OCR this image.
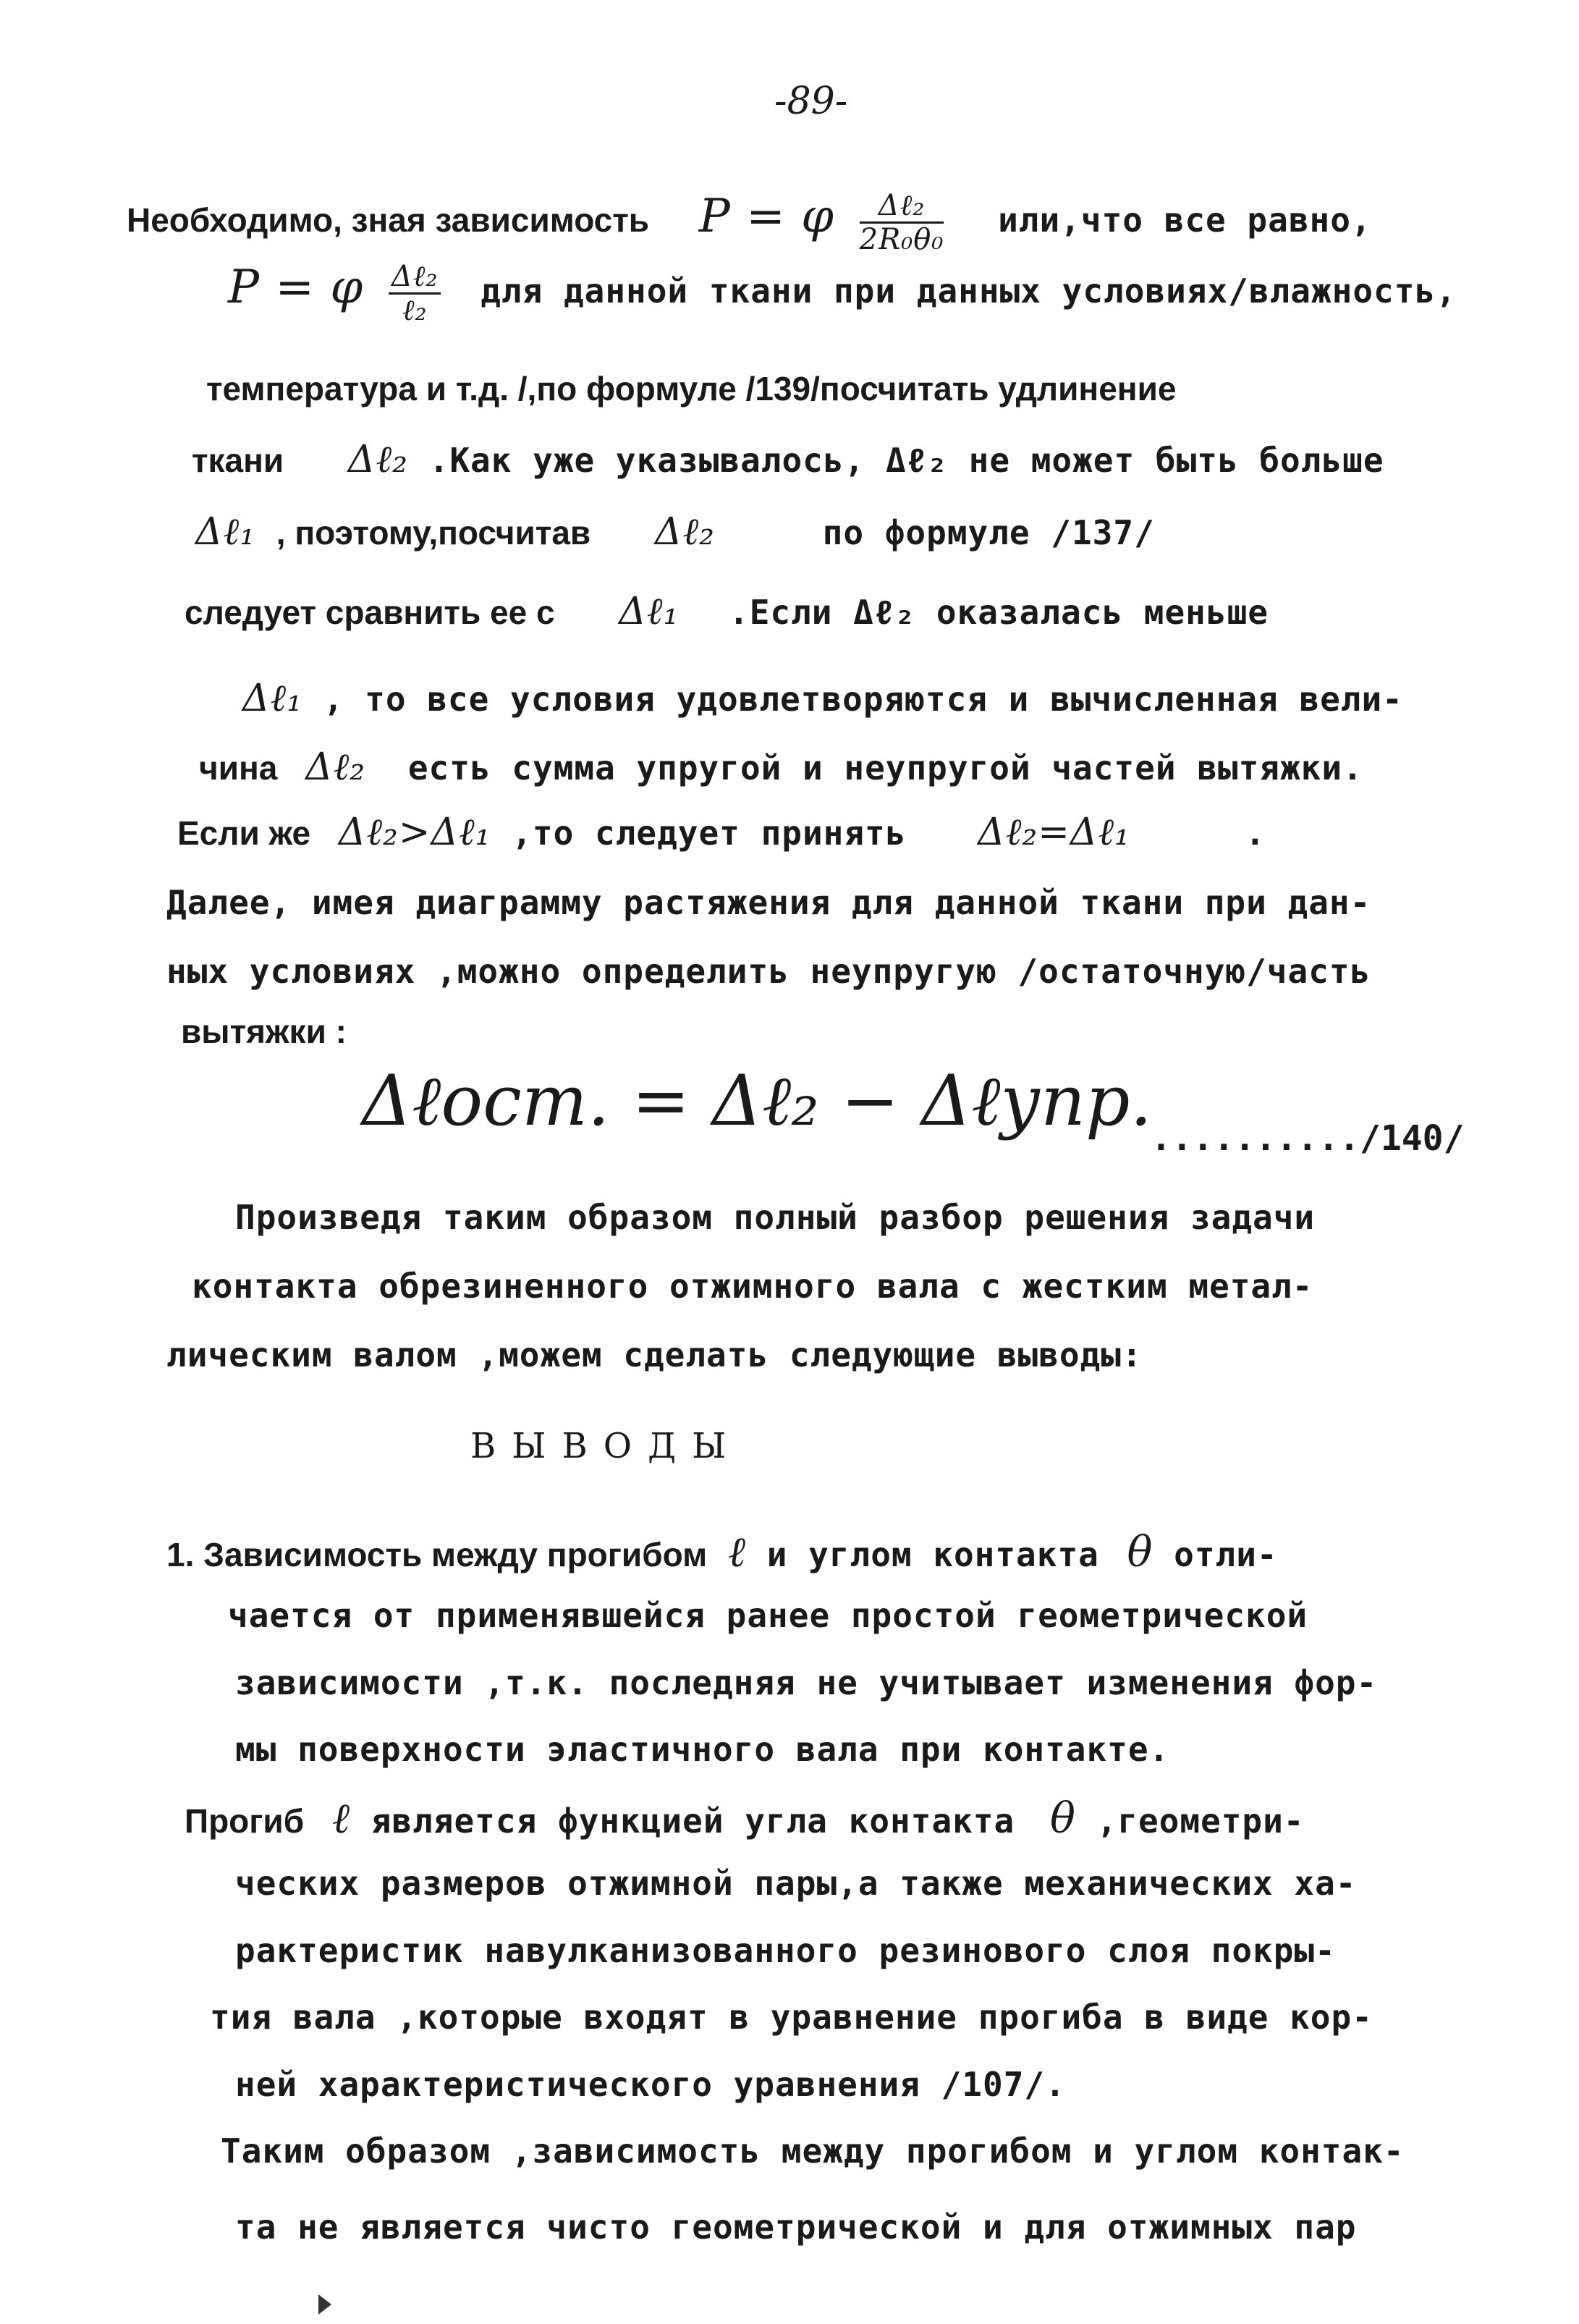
-89-
Необходимо, зная зависимость P = φ $\frac{\text{Δℓ₂}}{\text{2R₀θ₀}} или,что$ все равно,
P = φ $\frac{\text{Δℓ₂}}{\text{ℓ₂}}$ для данной ткани при данных условиях/влажность,
температура и т.д. /,по формуле /139/посчитать удлинение
ткани Δℓ₂ .Как уже указывалось, Δℓ₂ не может быть больше
Δℓ₁ , поэтому,посчитав Δℓ₂	по формуле /137/
следует сравнить ее с Δℓ₁ .Если Δℓ₂ оказалась меньше
Δℓ₁ , то все условия удовлетворяются и вычисленная вели-
чина Δℓ₂ есть сумма упругой и неупругой частей вытяжки.
Если же Δℓ₂>Δℓ₁ ,то следует принять Δℓ₂=Δℓ₁	.
Далее, имея диаграмму растяжения для данной ткани при дан-
ных условиях ,можно определить неупругую /остаточную/часть
вытяжки :
Δℓост. = Δℓ₂ − Δℓупр.
........../140/
Произведя таким образом полный разбор решения задачи
контакта обрезиненного отжимного вала с жестким метал-
лическим валом ,можем сделать следующие выводы:
ВЫВОДЫ
1. Зависимость между прогибом ℓ и углом контакта θ отли-
чается от применявшейся ранее простой геометрической
зависимости ,т.к. последняя не учитывает изменения фор-
мы поверхности эластичного вала при контакте.
Прогиб ℓ является функцией угла контакта θ ,геометри-
ческих размеров отжимной пары,а также механических ха-
рактеристик навулканизованного резинового слоя покры-
тия вала ,которые входят в уравнение прогиба в виде кор-
ней характеристического уравнения /107/.
Таким образом ,зависимость между прогибом и углом контак-
та не является чисто геометрической и для отжимных пар
